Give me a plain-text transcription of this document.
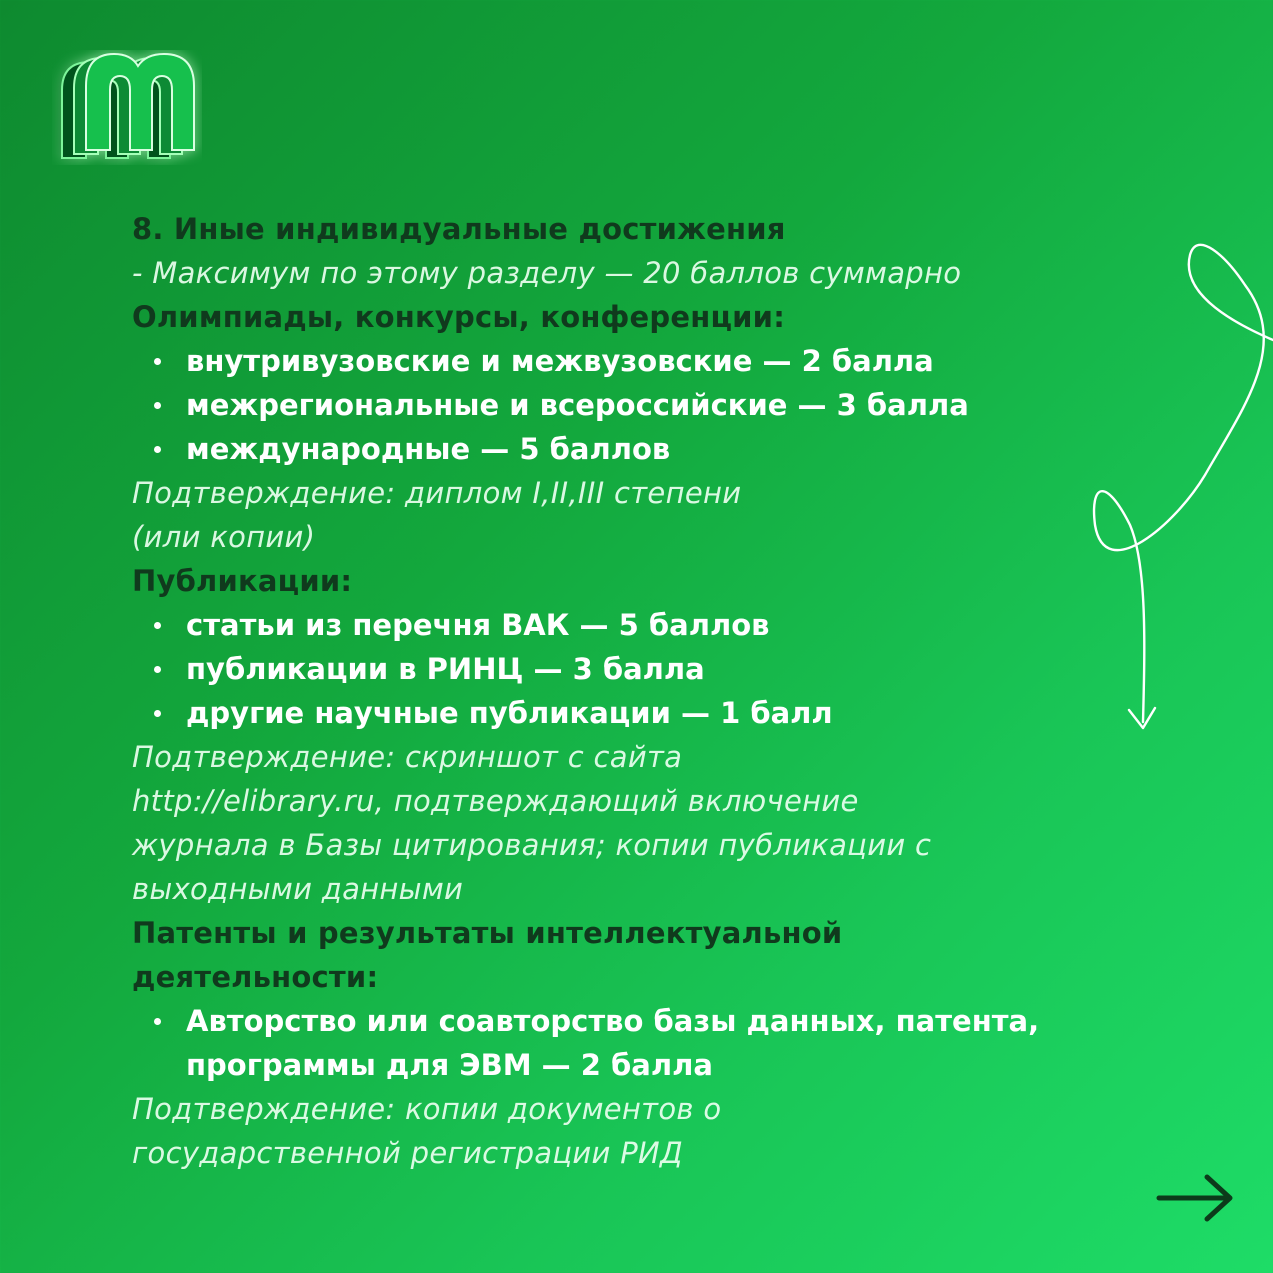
8. Иные индивидуальные достижения

- Максимум по этому разделу — 20 баллов суммарно

Олимпиады, конкурсы, конференции:

внутривузовские и межвузовские — 2 балла
межрегиональные и всероссийские — 3 балла
международные — 5 баллов

Подтверждение: диплом I,II,III степени

(или копии)

Публикации:

статьи из перечня ВАК — 5 баллов
публикации в РИНЦ — 3 балла
другие научные публикации — 1 балл

Подтверждение: скриншот с сайта

http://elibrary.ru, подтверждающий включение

журнала в Базы цитирования; копии публикации с

выходными данными

Патенты и результаты интеллектуальной

деятельности:

Авторство или соавторство базы данных, патента,
программы для ЭВМ — 2 балла

Подтверждение: копии документов о

государственной регистрации РИД
